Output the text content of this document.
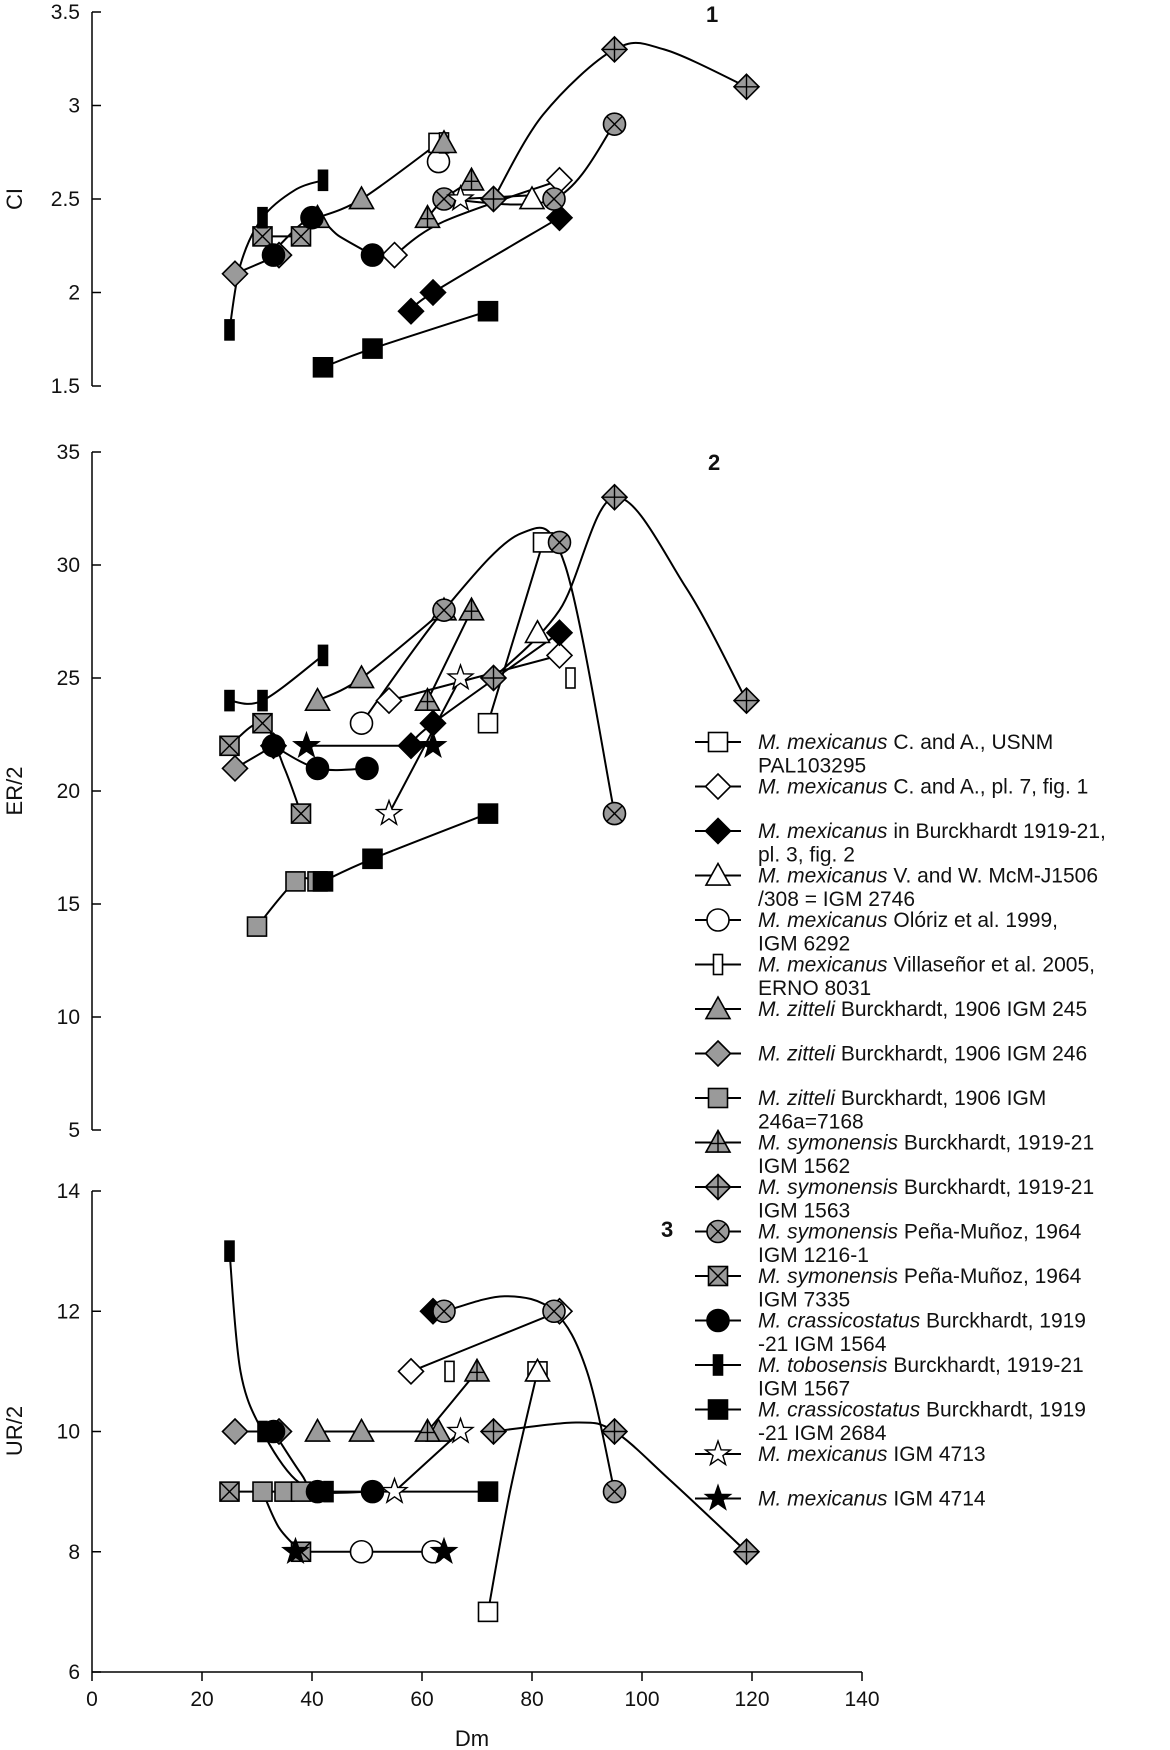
1.5
2
2.5
3
3.5
CI
1
5
10
15
20
25
30
35
ER/2
2
6
8
10
12
14
UR/2
3
0	20	40	60	80	100	120	140
Dm
M. mexicanus C. and A., USNM
PAL103295
M. mexicanus C. and A., pl. 7, fig. 1
M. mexicanus in Burckhardt 1919-21,
pl. 3, fig. 2
M. mexicanus V. and W. McM-J1506
/308 = IGM 2746
M. mexicanus Olóriz et al. 1999,
IGM 6292
M. mexicanus Villaseñor et al. 2005,
ERNO 8031
M. zitteli Burckhardt, 1906 IGM 245
M. zitteli Burckhardt, 1906 IGM 246
M. zitteli Burckhardt, 1906 IGM
246a=7168
M. symonensis Burckhardt, 1919-21
IGM 1562
M. symonensis Burckhardt, 1919-21
IGM 1563
M. symonensis Peña-Muñoz, 1964
IGM 1216-1
M. symonensis Peña-Muñoz, 1964
IGM 7335
M. crassicostatus Burckhardt, 1919
-21 IGM 1564
M. tobosensis Burckhardt, 1919-21
IGM 1567
M. crassicostatus Burckhardt, 1919
-21 IGM 2684
M. mexicanus IGM 4713
M. mexicanus IGM 4714
